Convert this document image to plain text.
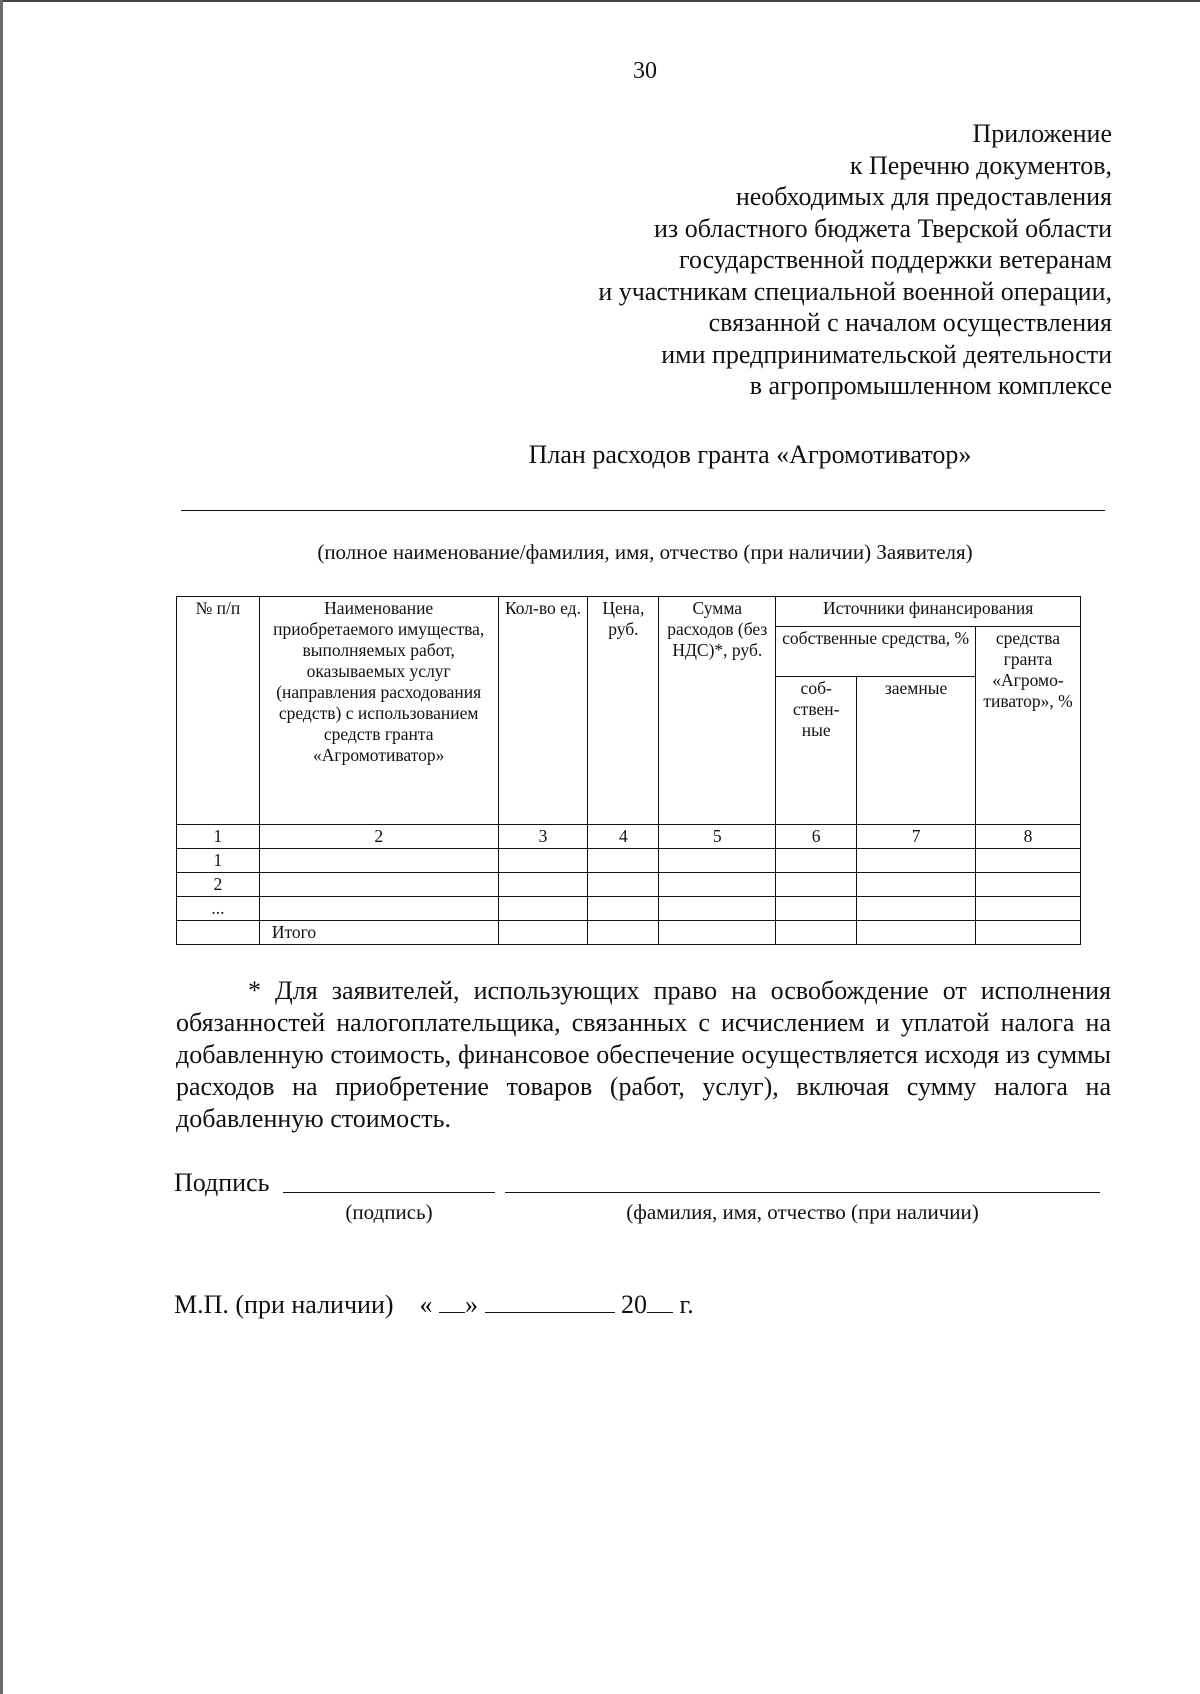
30
Приложение
к Перечню документов,
необходимых для предоставления
из областного бюджета Тверской области
государственной поддержки ветеранам
и участникам специальной военной операции,
связанной с началом осуществления
ими предпринимательской деятельности
в агропромышленном комплексе
План расходов гранта «Агромотиватор»
(полное наименование/фамилия, имя, отчество (при наличии) Заявителя)
№ п/п	Наименование приобретаемого имущества, выполняемых работ, оказываемых услуг (направления расходования средств) с использованием средств гранта «Агромотиватор»	Кол-во ед.	Цена, руб.	Сумма расходов (без НДС)*, руб.	Источники финансирования		
					собственные средства, %		средства гранта «Агромо-тиватор», %
					соб-ствен-ные	заемные	
1	2	3	4	5	6	7	8
1							
2							
...							
	Итого						

* Для заявителей, использующих право на освобождение от исполнения обязанностей налогоплательщика, связанных с исчислением и уплатой налога на добавленную стоимость, финансовое обеспечение осуществляется исходя из суммы расходов на приобретение товаров (работ, услуг), включая сумму налога на добавленную стоимость.

Подпись
(подпись)	(фамилия, имя, отчество (при наличии)
М.П. (при наличии) « »	20 г.
